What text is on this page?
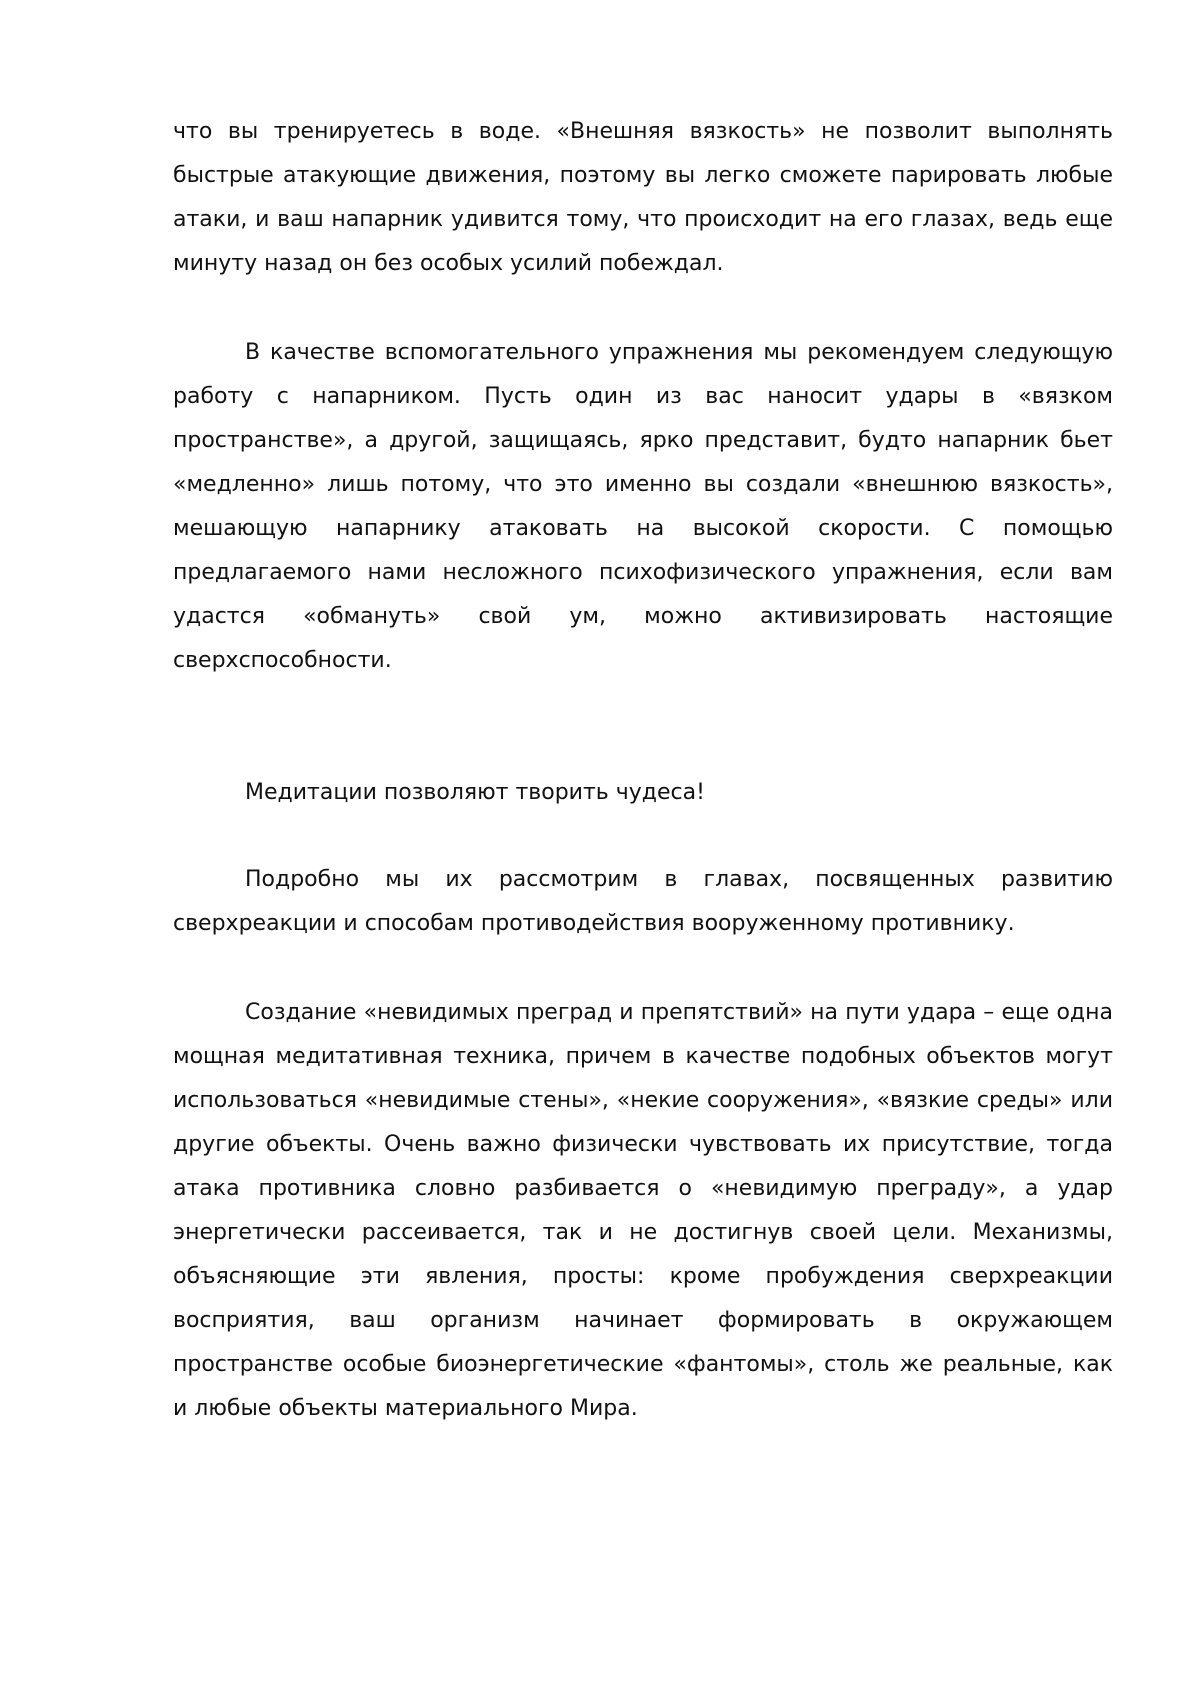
что вы тренируетесь в воде. «Внешняя вязкость» не позволит выполнять быстрые атакующие движения, поэтому вы легко сможете парировать любые атаки, и ваш напарник удивится тому, что происходит на его глазах, ведь еще минуту назад он без особых усилий побеждал.

В качестве вспомогательного упражнения мы рекомендуем следующую работу с напарником. Пусть один из вас наносит удары в «вязком пространстве», а другой, защищаясь, ярко представит, будто напарник бьет «медленно» лишь потому, что это именно вы создали «внешнюю вязкость», мешающую напарнику атаковать на высокой скорости. С помощью предлагаемого нами несложного психофизического упражнения, если вам удастся «обмануть» свой ум, можно активизировать настоящие сверхспособности.

Медитации позволяют творить чудеса!

Подробно мы их рассмотрим в главах, посвященных развитию сверхреакции и способам противодействия вооруженному противнику.

Создание «невидимых преград и препятствий» на пути удара – еще одна мощная медитативная техника, причем в качестве подобных объектов могут использоваться «невидимые стены», «некие сооружения», «вязкие среды» или другие объекты. Очень важно физически чувствовать их присутствие, тогда атака противника словно разбивается о «невидимую преграду», а удар энергетически рассеивается, так и не достигнув своей цели. Механизмы, объясняющие эти явления, просты: кроме пробуждения сверхреакции восприятия, ваш организм начинает формировать в окружающем пространстве особые биоэнергетические «фантомы», столь же реальные, как и любые объекты материального Мира.
